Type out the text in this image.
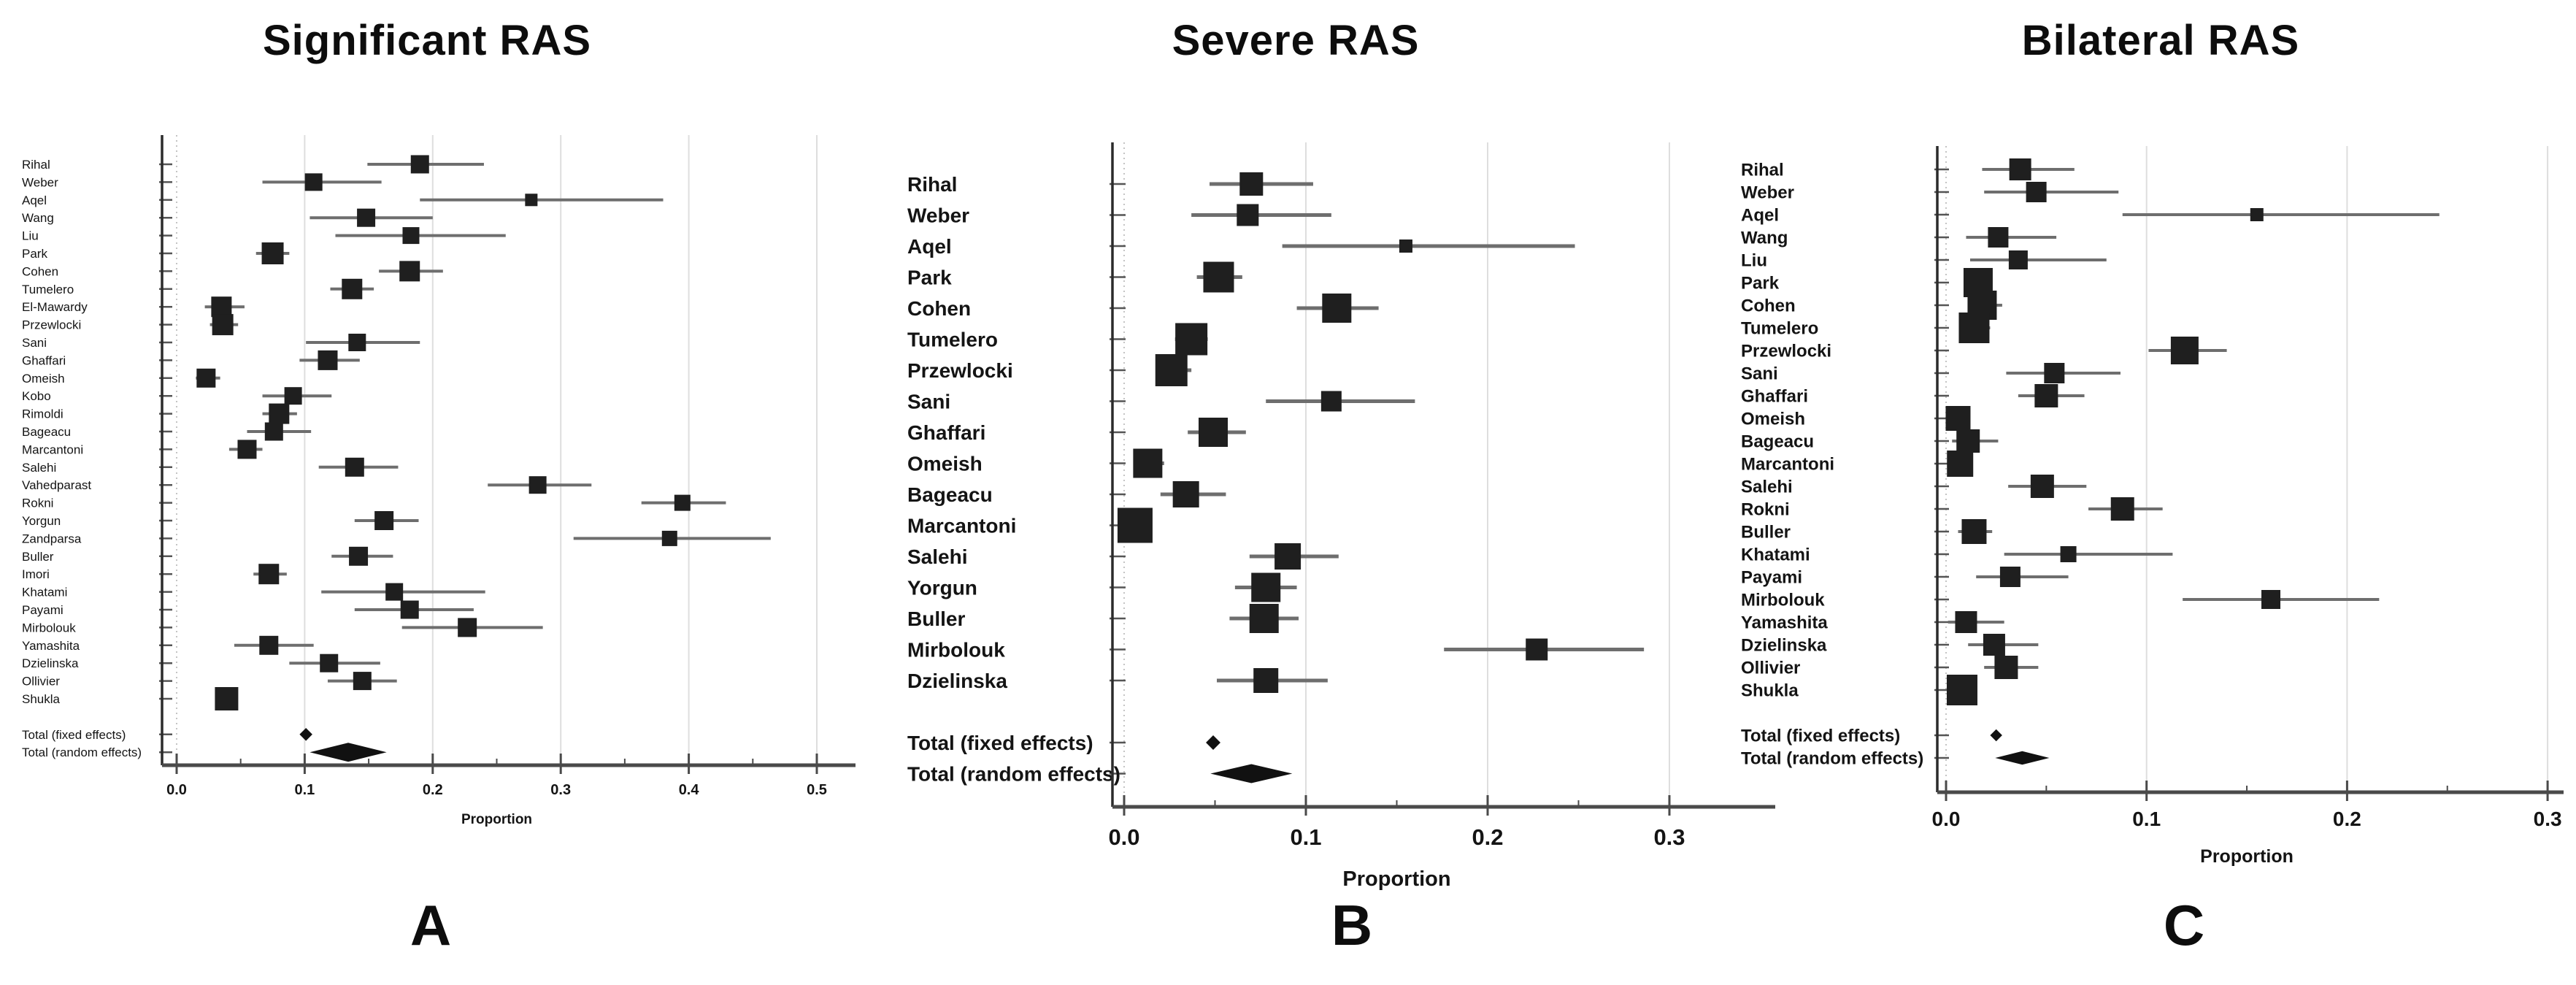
Significant RAS	Severe RAS	Bilateral RAS
Rihal
Weber
Aqel
Wang
Liu
Park
Cohen
Tumelero
El-Mawardy
Przewlocki
Sani
Ghaffari
Omeish
Kobo
Rimoldi
Bageacu
Marcantoni
Salehi
Vahedparast
Rokni
Yorgun
Zandparsa
Buller
Imori
Khatami
Payami
Mirbolouk
Yamashita
Dzielinska
Ollivier
Shukla
Total (fixed effects)
Total (random effects)
0.0	0.1	0.2	0.3	0.4	0.5
Proportion
Rihal
Weber
Aqel
Park
Cohen
Tumelero
Przewlocki
Sani
Ghaffari
Omeish
Bageacu
Marcantoni
Salehi
Yorgun
Buller
Mirbolouk
Dzielinska
Total (fixed effects)
Total (random effects)
0.0	0.1	0.2	0.3
Proportion
Rihal
Weber
Aqel
Wang
Liu
Park
Cohen
Tumelero
Przewlocki
Sani
Ghaffari
Omeish
Bageacu
Marcantoni
Salehi
Rokni
Buller
Khatami
Payami
Mirbolouk
Yamashita
Dzielinska
Ollivier
Shukla
Total (fixed effects)
Total (random effects)
0.0	0.1	0.2	0.3
Proportion
A	B	C
